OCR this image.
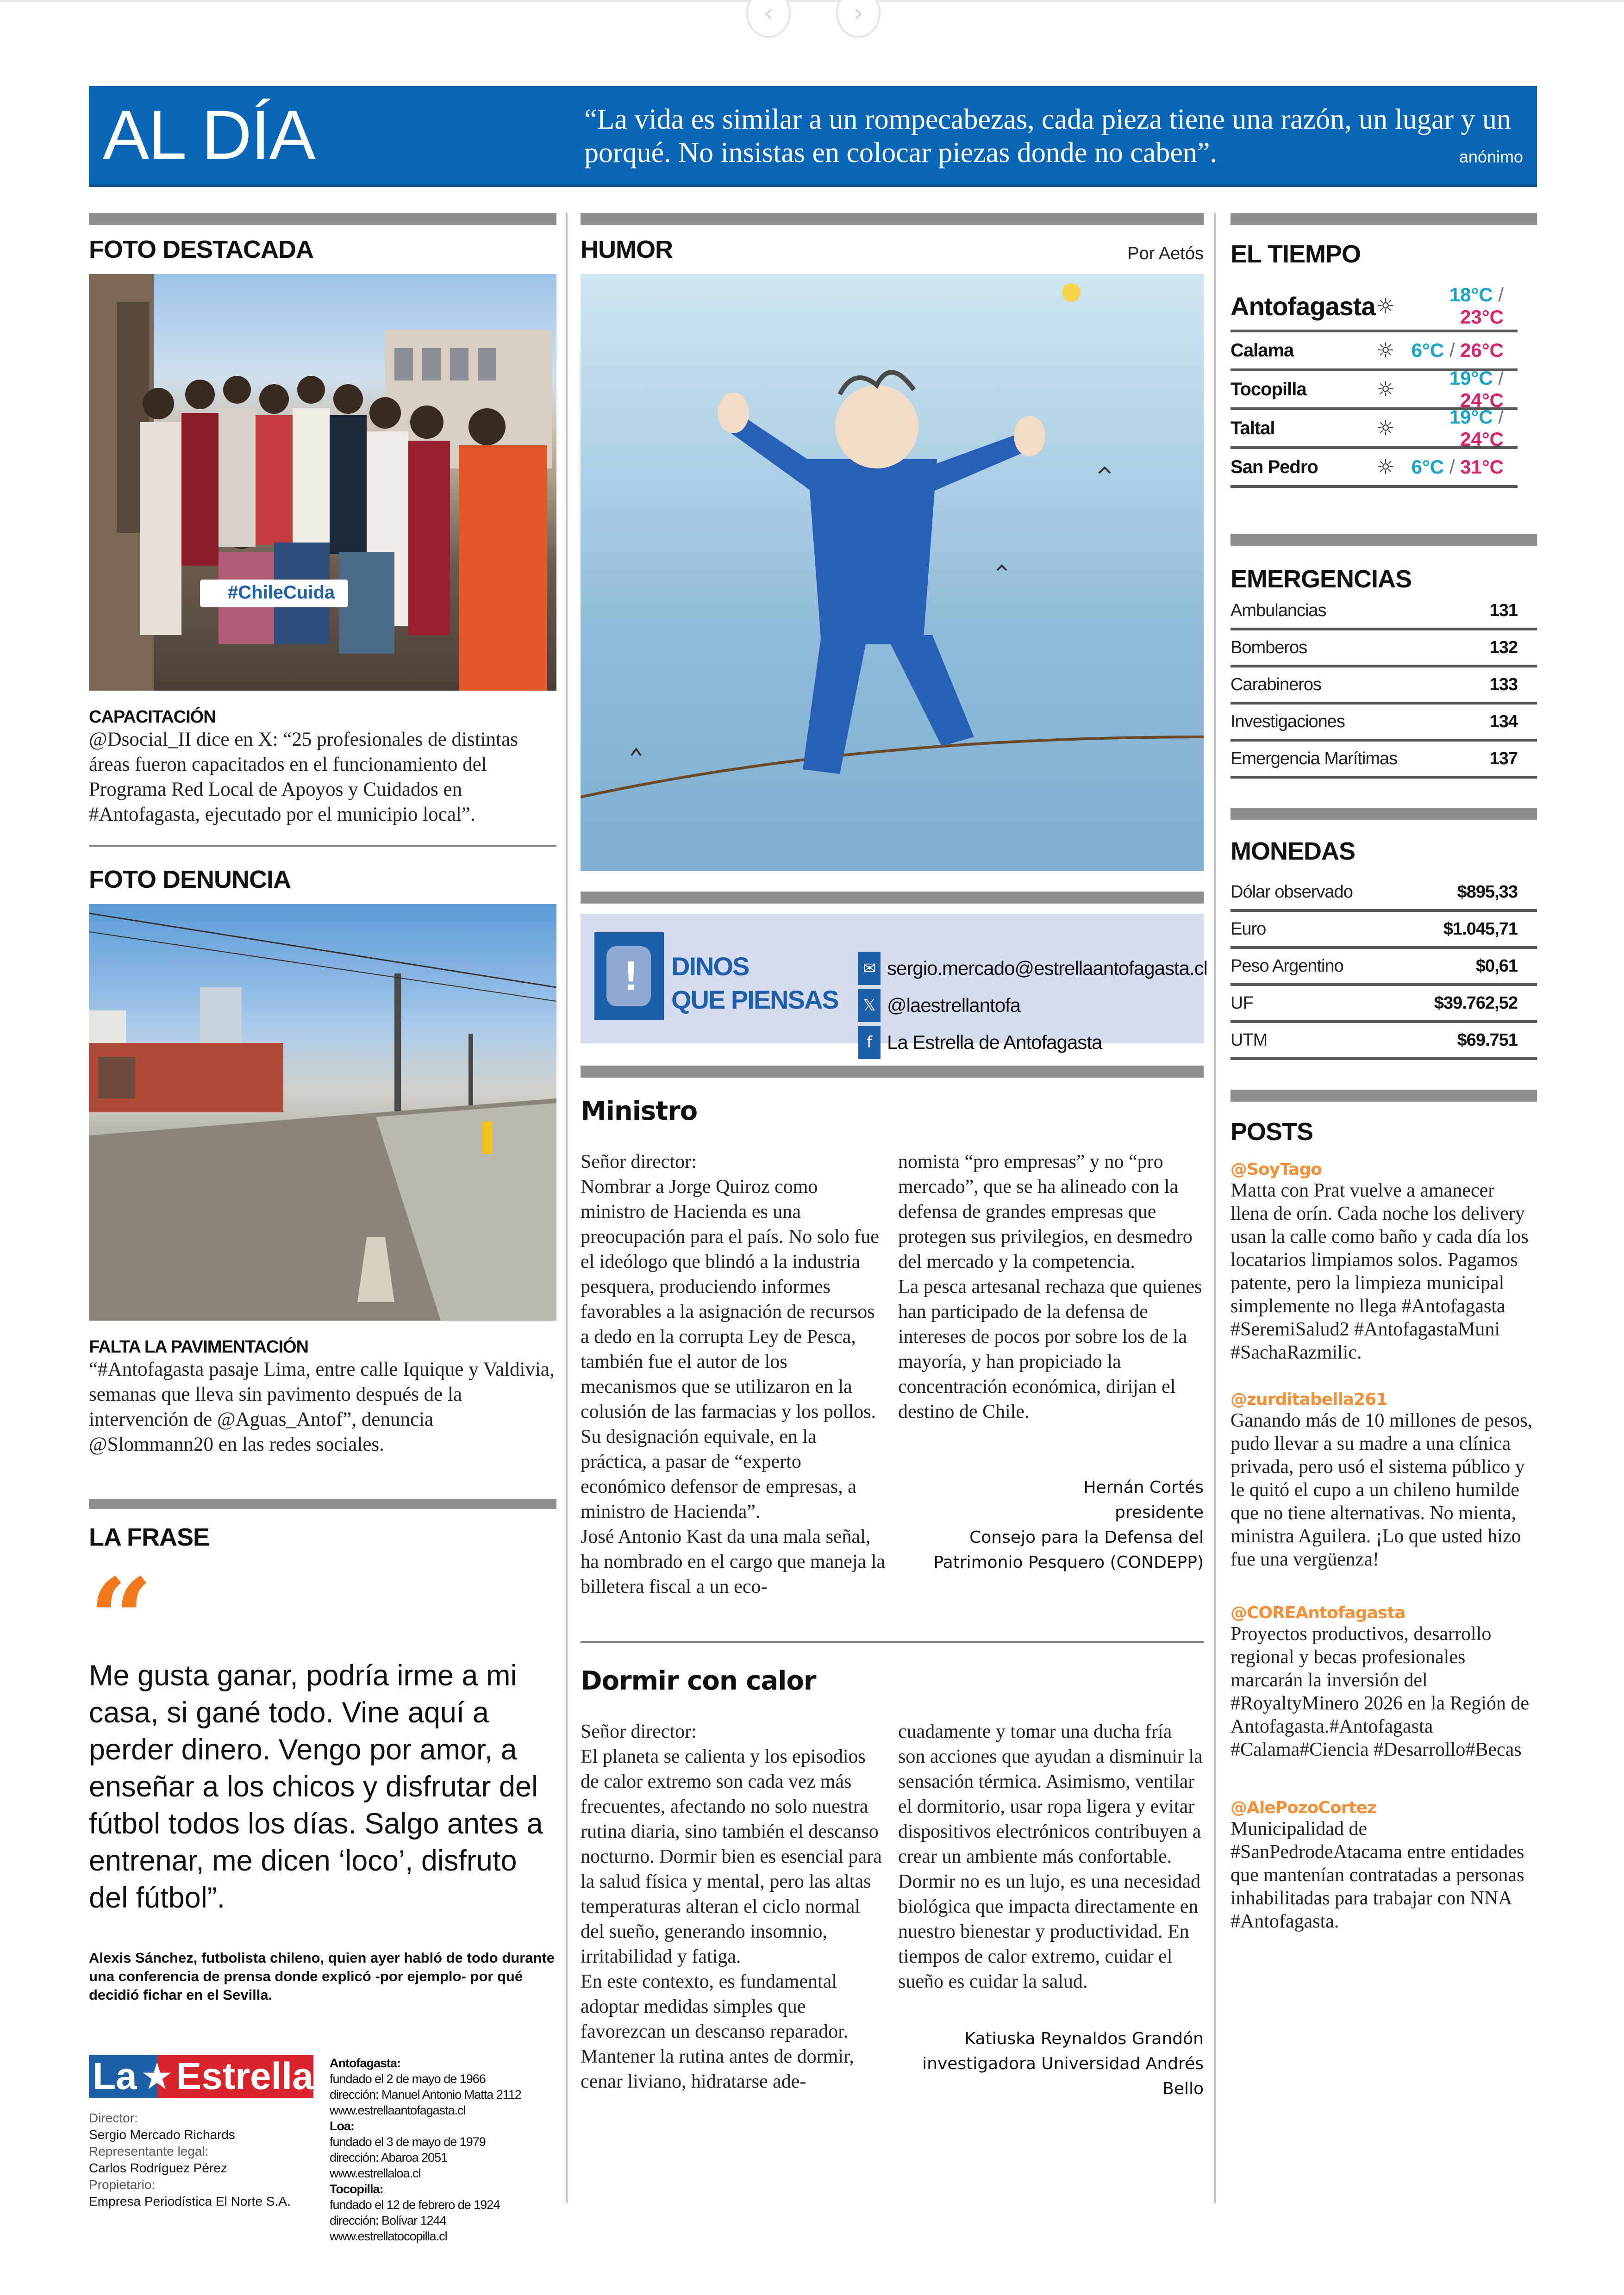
‹	›
AL DÍA	“La vida es similar a un rompecabezas, cada pieza tiene una razón, un lugar y un porqué. No insistas en colocar piezas donde no caben”.	anónimo
FOTO DESTACADA
#ChileCuida
CAPACITACIÓN
@Dsocial_II dice en X: “25 profesionales de distintas áreas fueron capacitados en el funcionamiento del Programa Red Local de Apoyos y Cuidados en #Antofagasta, ejecutado por el municipio local”.
FOTO DENUNCIA
FALTA LA PAVIMENTACIÓN
“#Antofagasta pasaje Lima, entre calle Iquique y Valdivia, semanas que lleva sin pavimento después de la intervención de @Aguas_Antof”, denuncia @Slommann20 en las redes sociales.
LA FRASE
“
Me gusta ganar, podría irme a mi casa, si gané todo. Vine aquí a perder dinero. Vengo por amor, a enseñar a los chicos y disfrutar del fútbol todos los días. Salgo antes a entrenar, me dicen ‘loco’, disfruto del fútbol”.
Alexis Sánchez, futbolista chileno, quien ayer habló de todo durante una conferencia de prensa donde explicó -por ejemplo- por qué decidió fichar en el Sevilla.
La ★ Estrella
Director:
Sergio Mercado Richards
Representante legal:
Carlos Rodríguez Pérez
Propietario:
Empresa Periodística El Norte S.A.
Antofagasta:
fundado el 2 de mayo de 1966
dirección: Manuel Antonio Matta 2112
www.estrellaantofagasta.cl
Loa:
fundado el 3 de mayo de 1979
dirección: Abaroa 2051
www.estrellaloa.cl
Tocopilla:
fundado el 12 de febrero de 1924
dirección: Bolívar 1244
www.estrellatocopilla.cl
HUMOR	Por Aetós
! DINOS
QUE PIENSAS
✉ sergio.mercado@estrellaantofagasta.cl
𝕏 @laestrellantofa
f La Estrella de Antofagasta
Ministro

Señor director:

Nombrar a Jorge Quiroz como ministro de Hacienda es una preocupación para el país. No solo fue el ideólogo que blindó a la industria pesquera, produciendo informes favorables a la asignación de recursos a dedo en la corrupta Ley de Pesca, también fue el autor de los mecanismos que se utilizaron en la colusión de las farmacias y los pollos.

Su designación equivale, en la práctica, a pasar de “experto económico defensor de empresas, a ministro de Hacienda”.

José Antonio Kast da una mala señal, ha nombrado en el cargo que maneja la billetera fiscal a un eco-

nomista “pro empresas” y no “pro mercado”, que se ha alineado con la defensa de grandes empresas que protegen sus privilegios, en desmedro del mercado y la competencia.

La pesca artesanal rechaza que quienes han participado de la defensa de intereses de pocos por sobre los de la mayoría, y han propiciado la concentración económica, dirijan el destino de Chile.

Hernán Cortés
presidente
Consejo para la Defensa del
Patrimonio Pesquero (CONDEPP)
Dormir con calor

Señor director:

El planeta se calienta y los episodios de calor extremo son cada vez más frecuentes, afectando no solo nuestra rutina diaria, sino también el descanso nocturno. Dormir bien es esencial para la salud física y mental, pero las altas temperaturas alteran el ciclo normal del sueño, generando insomnio, irritabilidad y fatiga.

En este contexto, es fundamental adoptar medidas simples que favorezcan un descanso reparador. Mantener la rutina antes de dormir, cenar liviano, hidratarse ade-

cuadamente y tomar una ducha fría son acciones que ayudan a disminuir la sensación térmica. Asimismo, ventilar el dormitorio, usar ropa ligera y evitar dispositivos electrónicos contribuyen a crear un ambiente más confortable.

Dormir no es un lujo, es una necesidad biológica que impacta directamente en nuestro bienestar y productividad. En tiempos de calor extremo, cuidar el sueño es cuidar la salud.

Katiuska Reynaldos Grandón
investigadora Universidad Andrés Bello
EL TIEMPO
Antofagasta ☼	18°C / 23°C
Calama	☼ 6°C / 26°C
Tocopilla	☼	19°C / 24°C
Taltal	☼	19°C / 24°C
San Pedro	☼ 6°C / 31°C
EMERGENCIAS
Ambulancias	131
Bomberos	132
Carabineros	133
Investigaciones	134
Emergencia Marítimas	137
MONEDAS
Dólar observado	$895,33
Euro	$1.045,71
Peso Argentino	$0,61
UF	$39.762,52
UTM	$69.751
POSTS
@SoyTago
Matta con Prat vuelve a amanecer llena de orín. Cada noche los delivery usan la calle como baño y cada día los locatarios limpiamos solos. Pagamos patente, pero la limpieza municipal simplemente no llega #Antofagasta #SeremiSalud2 #AntofagastaMuni #SachaRazmilic.
@zurditabella261
Ganando más de 10 millones de pesos, pudo llevar a su madre a una clínica privada, pero usó el sistema público y le quitó el cupo a un chileno humilde que no tiene alternativas. No mienta, ministra Aguilera. ¡Lo que usted hizo fue una vergüenza!
@COREAntofagasta
Proyectos productivos, desarrollo regional y becas profesionales marcarán la inversión del #RoyaltyMinero 2026 en la Región de Antofagasta.#Antofagasta #Calama#Ciencia #Desarrollo#Becas
@AlePozoCortez
Municipalidad de #SanPedrodeAtacama entre entidades que mantenían contratadas a personas inhabilitadas para trabajar con NNA #Antofagasta.
